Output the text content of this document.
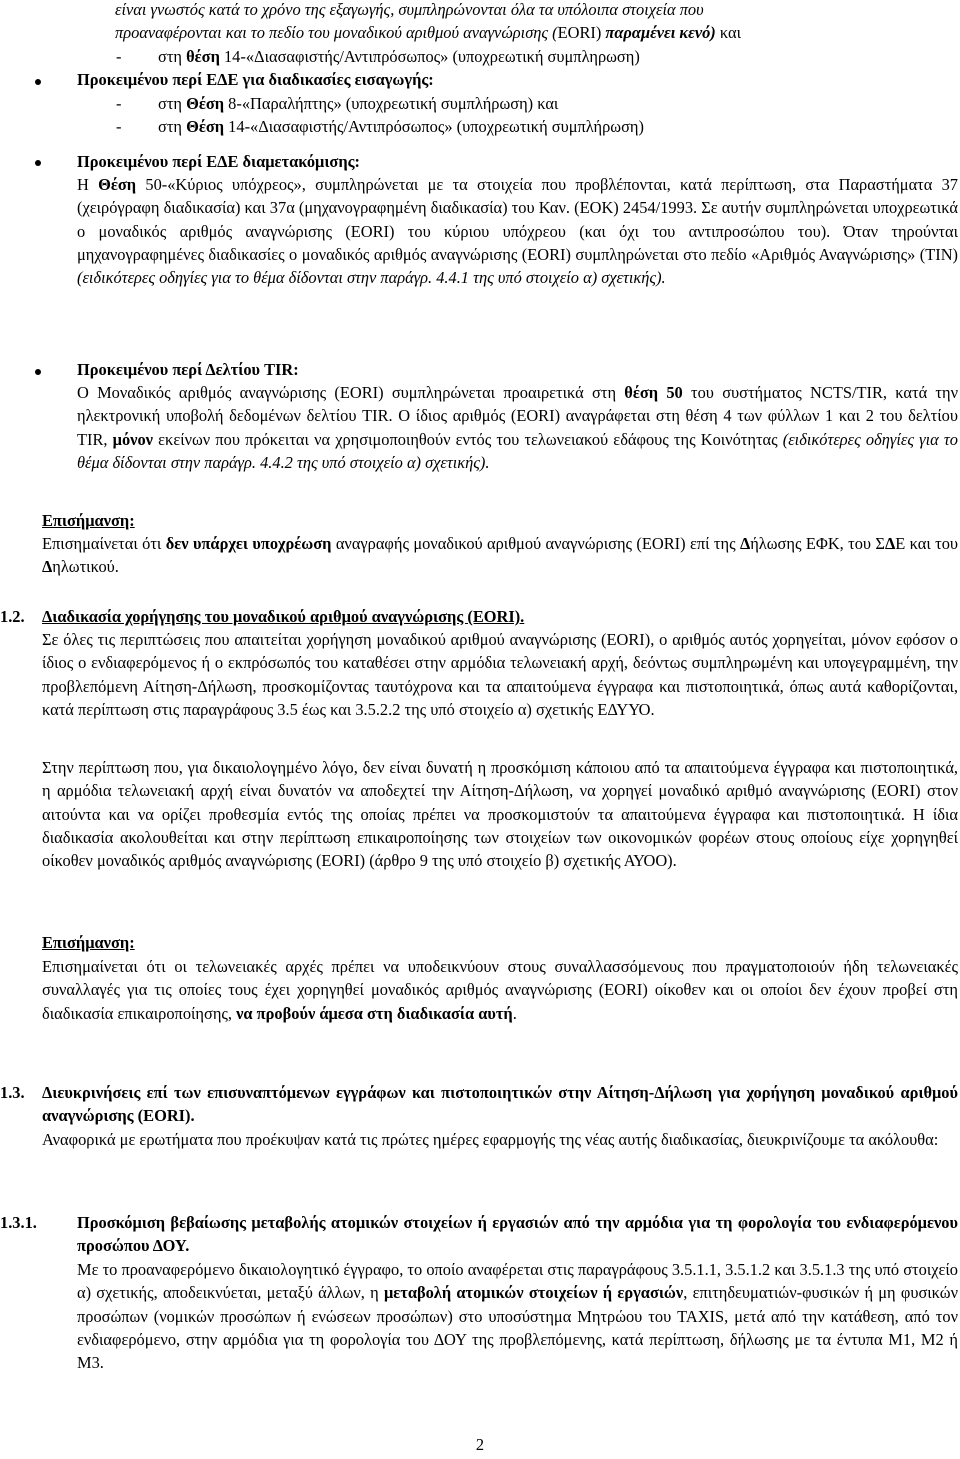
είναι γνωστός κατά το χρόνο της εξαγωγής, συμπληρώνονται όλα τα υπόλοιπα στοιχεία που
προαναφέρονται και το πεδίο του μοναδικού αριθμού αναγνώρισης (EORI) παραμένει κενό) και

- στη θέση 14-«Διασαφιστής/Αντιπρόσωπος» (υποχρεωτική συμπληρωση)

Προκειμένου περί ΕΔΕ για διαδικασίες εισαγωγής:

- στη Θέση 8-«Παραλήπτης» (υποχρεωτική συμπλήρωση) και

- στη Θέση 14-«Διασαφιστής/Αντιπρόσωπος» (υποχρεωτική συμπλήρωση)

Προκειμένου περί ΕΔΕ διαμετακόμισης:

Η Θέση 50-«Κύριος υπόχρεος», συμπληρώνεται με τα στοιχεία που προβλέπονται, κατά περίπτωση, στα Παραστήματα 37 (χειρόγραφη διαδικασία) και 37α (μηχανογραφημένη διαδικασία) του Καν. (ΕΟΚ) 2454/1993. Σε αυτήν συμπληρώνεται υποχρεωτικά ο μοναδικός αριθμός αναγνώρισης (EORI) του κύριου υπόχρεου (και όχι του αντιπροσώπου του). Όταν τηρούνται μηχανογραφημένες διαδικασίες ο μοναδικός αριθμός αναγνώρισης (EORI) συμπληρώνεται στο πεδίο «Αριθμός Αναγνώρισης» (TIN) (ειδικότερες οδηγίες για το θέμα δίδονται στην παράγρ. 4.4.1 της υπό στοιχείο α) σχετικής).

Προκειμένου περί Δελτίου TIR:

Ο Μοναδικός αριθμός αναγνώρισης (EORI) συμπληρώνεται προαιρετικά στη θέση 50 του συστήματος NCTS/TIR, κατά την ηλεκτρονική υποβολή δεδομένων δελτίου TIR. Ο ίδιος αριθμός (EORI) αναγράφεται στη θέση 4 των φύλλων 1 και 2 του δελτίου TIR, μόνον εκείνων που πρόκειται να χρησιμοποιηθούν εντός του τελωνειακού εδάφους της Κοινότητας (ειδικότερες οδηγίες για το θέμα δίδονται στην παράγρ. 4.4.2 της υπό στοιχείο α) σχετικής).

Επισήμανση:

Επισημαίνεται ότι δεν υπάρχει υποχρέωση αναγραφής μοναδικού αριθμού αναγνώρισης (EORI) επί της Δήλωσης ΕΦΚ, του ΣΔΕ και του Δηλωτικού.

1.2. Διαδικασία χορήγησης του μοναδικού αριθμού αναγνώρισης (EORI).

Σε όλες τις περιπτώσεις που απαιτείται χορήγηση μοναδικού αριθμού αναγνώρισης (EORI), ο αριθμός αυτός χορηγείται, μόνον εφόσον ο ίδιος ο ενδιαφερόμενος ή ο εκπρόσωπός του καταθέσει στην αρμόδια τελωνειακή αρχή, δεόντως συμπληρωμένη και υπογεγραμμένη, την προβλεπόμενη Αίτηση-Δήλωση, προσκομίζοντας ταυτόχρονα και τα απαιτούμενα έγγραφα και πιστοποιητικά, όπως αυτά καθορίζονται, κατά περίπτωση στις παραγράφους 3.5 έως και 3.5.2.2 της υπό στοιχείο α) σχετικής ΕΔΥΥΟ.

Στην περίπτωση που, για δικαιολογημένο λόγο, δεν είναι δυνατή η προσκόμιση κάποιου από τα απαιτούμενα έγγραφα και πιστοποιητικά, η αρμόδια τελωνειακή αρχή είναι δυνατόν να αποδεχτεί την Αίτηση-Δήλωση, να χορηγεί μοναδικό αριθμό αναγνώρισης (EORI) στον αιτούντα και να ορίζει προθεσμία εντός της οποίας πρέπει να προσκομιστούν τα απαιτούμενα έγγραφα και πιστοποιητικά. Η ίδια διαδικασία ακολουθείται και στην περίπτωση επικαιροποίησης των στοιχείων των οικονομικών φορέων στους οποίους είχε χορηγηθεί οίκοθεν μοναδικός αριθμός αναγνώρισης (EORI) (άρθρο 9 της υπό στοιχείο β) σχετικής ΑΥΟΟ).

Επισήμανση:

Επισημαίνεται ότι οι τελωνειακές αρχές πρέπει να υποδεικνύουν στους συναλλασσόμενους που πραγματοποιούν ήδη τελωνειακές συναλλαγές για τις οποίες τους έχει χορηγηθεί μοναδικός αριθμός αναγνώρισης (EORI) οίκοθεν και οι οποίοι δεν έχουν προβεί στη διαδικασία επικαιροποίησης, να προβούν άμεσα στη διαδικασία αυτή.

1.3. Διευκρινήσεις επί των επισυναπτόμενων εγγράφων και πιστοποιητικών στην Αίτηση-Δήλωση για χορήγηση μοναδικού αριθμού αναγνώρισης (EORI).

Αναφορικά με ερωτήματα που προέκυψαν κατά τις πρώτες ημέρες εφαρμογής της νέας αυτής διαδικασίας, διευκρινίζουμε τα ακόλουθα:

1.3.1. Προσκόμιση βεβαίωσης μεταβολής ατομικών στοιχείων ή εργασιών από την αρμόδια για τη φορολογία του ενδιαφερόμενου προσώπου ΔΟΥ.

Με το προαναφερόμενο δικαιολογητικό έγγραφο, το οποίο αναφέρεται στις παραγράφους 3.5.1.1, 3.5.1.2 και 3.5.1.3 της υπό στοιχείο α) σχετικής, αποδεικνύεται, μεταξύ άλλων, η μεταβολή ατομικών στοιχείων ή εργασιών, επιτηδευματιών-φυσικών ή μη φυσικών προσώπων (νομικών προσώπων ή ενώσεων προσώπων) στο υποσύστημα Μητρώου του TAXIS, μετά από την κατάθεση, από τον ενδιαφερόμενο, στην αρμόδια για τη φορολογία του ΔΟΥ της προβλεπόμενης, κατά περίπτωση, δήλωσης με τα έντυπα Μ1, Μ2 ή Μ3.

2
